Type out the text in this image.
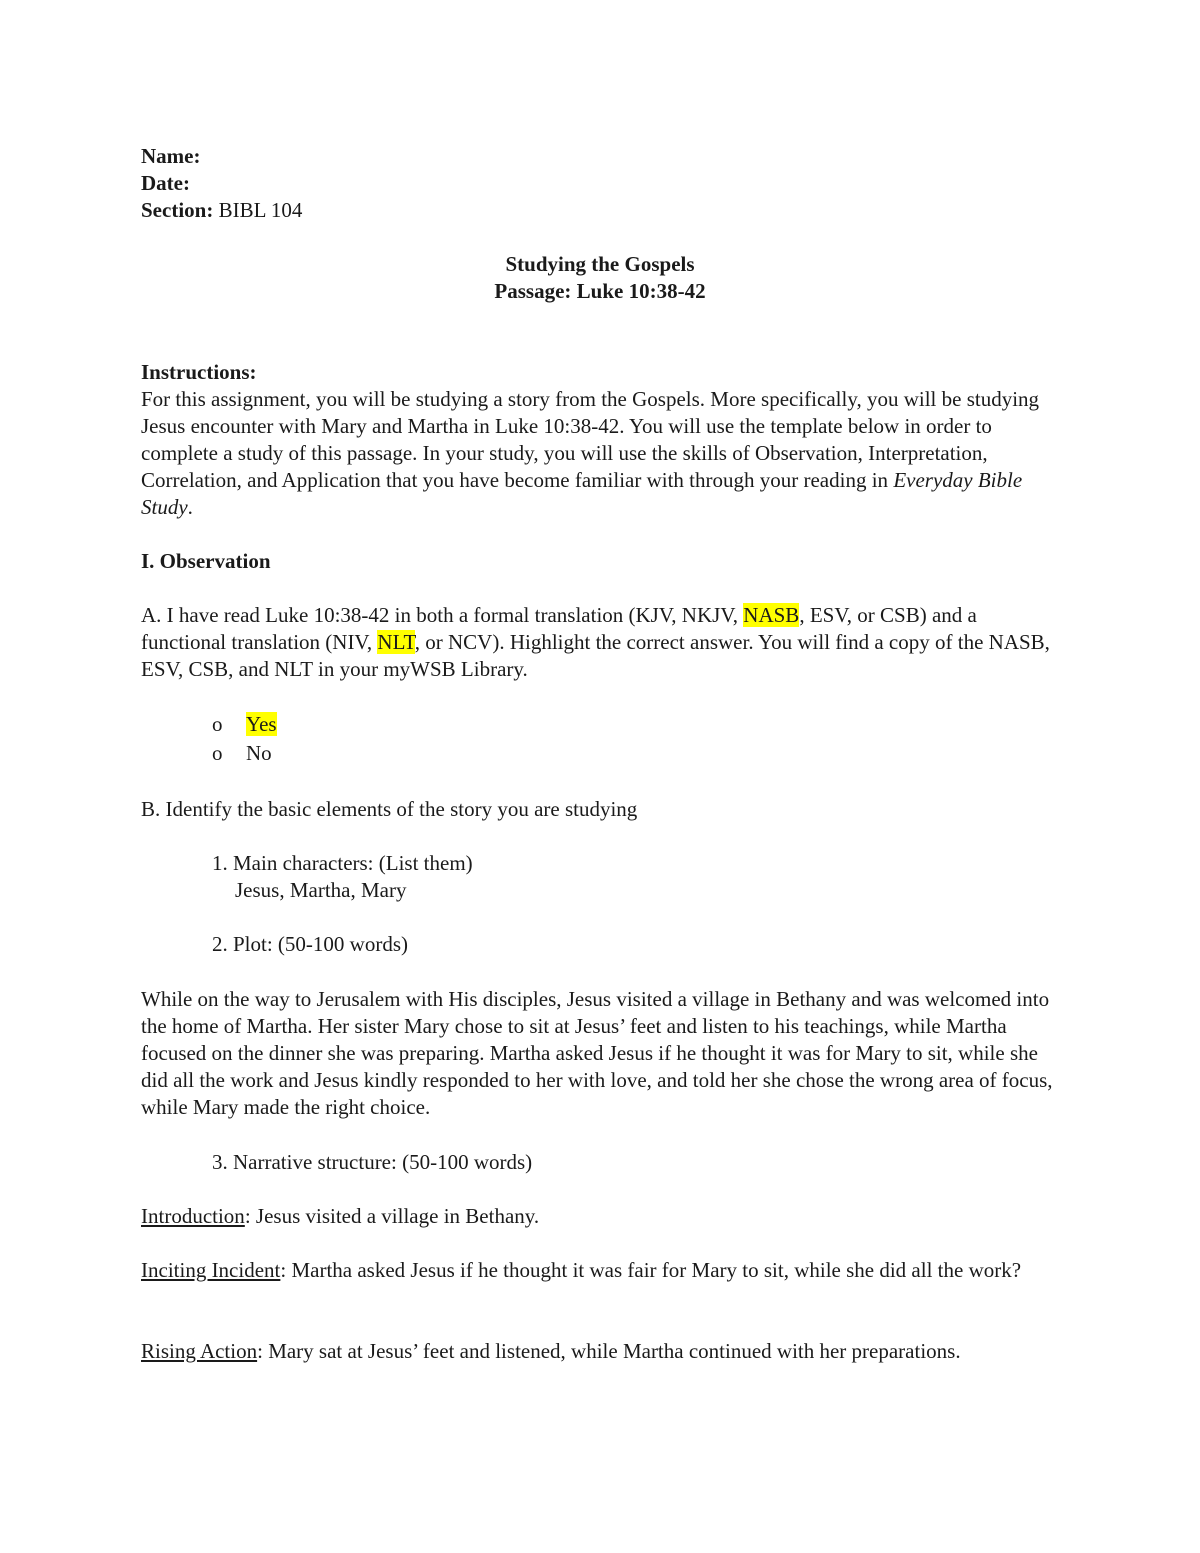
Name:
Date:
Section: BIBL 104
Studying the Gospels
Passage: Luke 10:38-42
Instructions:

For this assignment, you will be studying a story from the Gospels. More specifically, you will be studying Jesus encounter with Mary and Martha in Luke 10:38-42. You will use the template below in order to complete a study of this passage. In your study, you will use the skills of Observation, Interpretation, Correlation, and Application that you have become familiar with through your reading in Everyday Bible Study.

I. Observation

A. I have read Luke 10:38-42 in both a formal translation (KJV, NKJV, NASB, ESV, or CSB) and a functional translation (NIV, NLT, or NCV). Highlight the correct answer. You will find a copy of the NASB, ESV, CSB, and NLT in your myWSB Library.

o Yes
o No
B. Identify the basic elements of the story you are studying
1. Main characters: (List them)
Jesus, Martha, Mary
2. Plot: (50-100 words)

While on the way to Jerusalem with His disciples, Jesus visited a village in Bethany and was welcomed into the home of Martha. Her sister Mary chose to sit at Jesus’ feet and listen to his teachings, while Martha focused on the dinner she was preparing. Martha asked Jesus if he thought it was for Mary to sit, while she did all the work and Jesus kindly responded to her with love, and told her she chose the wrong area of focus, while Mary made the right choice.

3. Narrative structure: (50-100 words)

Introduction: Jesus visited a village in Bethany.

Inciting Incident: Martha asked Jesus if he thought it was fair for Mary to sit, while she did all the work?

Rising Action: Mary sat at Jesus’ feet and listened, while Martha continued with her preparations.
